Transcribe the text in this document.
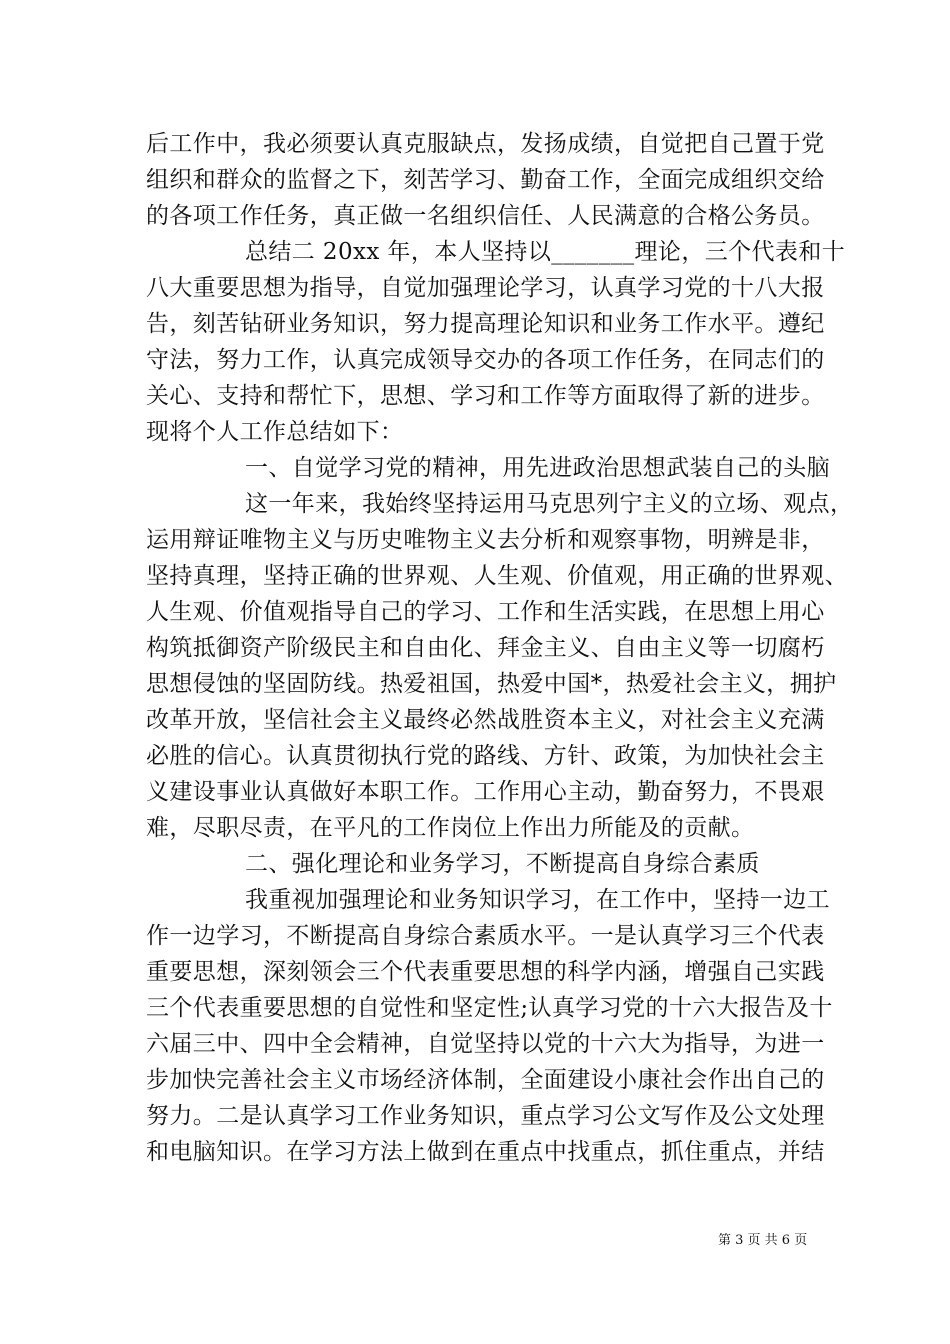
后工作中，我必须要认真克服缺点，发扬成绩，自觉把自己置于党
组织和群众的监督之下，刻苦学习、勤奋工作，全面完成组织交给
的各项工作任务，真正做一名组织信任、人民满意的合格公务员。
总结二 20xx 年，本人坚持以_______理论，三个代表和十
八大重要思想为指导，自觉加强理论学习，认真学习党的十八大报
告，刻苦钻研业务知识，努力提高理论知识和业务工作水平。遵纪
守法，努力工作，认真完成领导交办的各项工作任务，在同志们的
关心、支持和帮忙下，思想、学习和工作等方面取得了新的进步。
现将个人工作总结如下：
一、自觉学习党的精神，用先进政治思想武装自己的头脑
这一年来，我始终坚持运用马克思列宁主义的立场、观点，
运用辩证唯物主义与历史唯物主义去分析和观察事物，明辨是非，
坚持真理，坚持正确的世界观、人生观、价值观，用正确的世界观、
人生观、价值观指导自己的学习、工作和生活实践，在思想上用心
构筑抵御资产阶级民主和自由化、拜金主义、自由主义等一切腐朽
思想侵蚀的坚固防线。热爱祖国，热爱中国*，热爱社会主义，拥护
改革开放，坚信社会主义最终必然战胜资本主义，对社会主义充满
必胜的信心。认真贯彻执行党的路线、方针、政策，为加快社会主
义建设事业认真做好本职工作。工作用心主动，勤奋努力，不畏艰
难，尽职尽责，在平凡的工作岗位上作出力所能及的贡献。
二、强化理论和业务学习，不断提高自身综合素质
我重视加强理论和业务知识学习，在工作中，坚持一边工
作一边学习，不断提高自身综合素质水平。一是认真学习三个代表
重要思想，深刻领会三个代表重要思想的科学内涵，增强自己实践
三个代表重要思想的自觉性和坚定性;认真学习党的十六大报告及十
六届三中、四中全会精神，自觉坚持以党的十六大为指导，为进一
步加快完善社会主义市场经济体制，全面建设小康社会作出自己的
努力。二是认真学习工作业务知识，重点学习公文写作及公文处理
和电脑知识。在学习方法上做到在重点中找重点，抓住重点，并结
第 3 页 共 6 页
